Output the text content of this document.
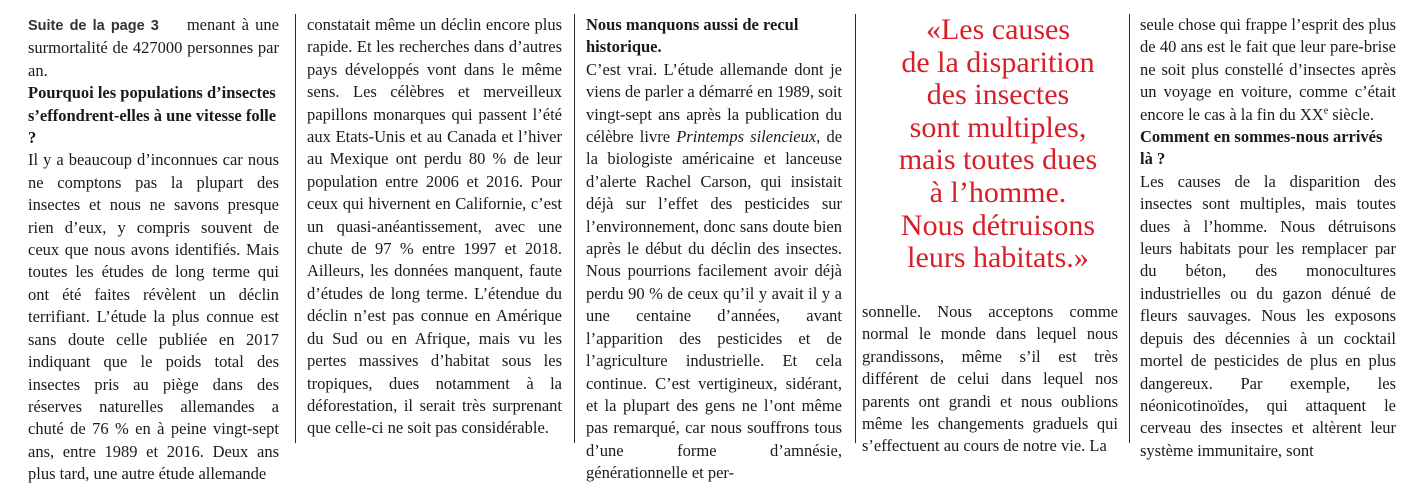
Suite de la page 3 menant à une surmortalité de 427000 personnes par an.

Pourquoi les populations d’insectes s’effondrent-elles à une vitesse folle ?

Il y a beaucoup d’inconnues car nous ne comptons pas la plupart des insectes et nous ne savons presque rien d’eux, y compris souvent de ceux que nous avons identifiés. Mais toutes les études de long terme qui ont été faites révèlent un déclin terrifiant. L’étude la plus connue est sans doute celle publiée en 2017 indiquant que le poids total des insectes pris au piège dans des réserves naturelles allemandes a chuté de 76 % en à peine vingt-sept ans, entre 1989 et 2016. Deux ans plus tard, une autre étude allemande

constatait même un déclin encore plus rapide. Et les recherches dans d’autres pays développés vont dans le même sens. Les célèbres et merveilleux papillons monarques qui passent l’été aux Etats-Unis et au Canada et l’hiver au Mexique ont perdu 80 % de leur population entre 2006 et 2016. Pour ceux qui hivernent en Californie, c’est un quasi-anéantissement, avec une chute de 97 % entre 1997 et 2018. Ailleurs, les données manquent, faute d’études de long terme. L’étendue du déclin n’est pas connue en Amérique du Sud ou en Afrique, mais vu les pertes massives d’habitat sous les tropiques, dues notamment à la déforestation, il serait très surprenant que celle-ci ne soit pas considérable.

Nous manquons aussi de recul historique.

C’est vrai. L’étude allemande dont je viens de parler a démarré en 1989, soit vingt-sept ans après la publication du célèbre livre Printemps silencieux, de la biologiste américaine et lanceuse d’alerte Rachel Carson, qui insistait déjà sur l’effet des pesticides sur l’environnement, donc sans doute bien après le début du déclin des insectes. Nous pourrions facilement avoir déjà perdu 90 % de ceux qu’il y avait il y a une centaine d’années, avant l’apparition des pesticides et de l’agriculture industrielle. Et cela continue. C’est vertigineux, sidérant, et la plupart des gens ne l’ont même pas remarqué, car nous souffrons tous d’une forme d’amnésie, générationnelle et per-

«Les causes
de la disparition
des insectes
sont multiples,
mais toutes dues
à l’homme.
Nous détruisons
leurs habitats.»

sonnelle. Nous acceptons comme normal le monde dans lequel nous grandissons, même s’il est très différent de celui dans lequel nos parents ont grandi et nous oublions même les changements graduels qui s’effectuent au cours de notre vie. La

seule chose qui frappe l’esprit des plus de 40 ans est le fait que leur pare-brise ne soit plus constellé d’insectes après un voyage en voiture, comme c’était encore le cas à la fin du XXe siècle.

Comment en sommes-nous arrivés là ?

Les causes de la disparition des insectes sont multiples, mais toutes dues à l’homme. Nous détruisons leurs habitats pour les remplacer par du béton, des monocultures industrielles ou du gazon dénué de fleurs sauvages. Nous les exposons depuis des décennies à un cocktail mortel de pesticides de plus en plus dangereux. Par exemple, les néonicotinoïdes, qui attaquent le cerveau des insectes et altèrent leur système immunitaire, sont
